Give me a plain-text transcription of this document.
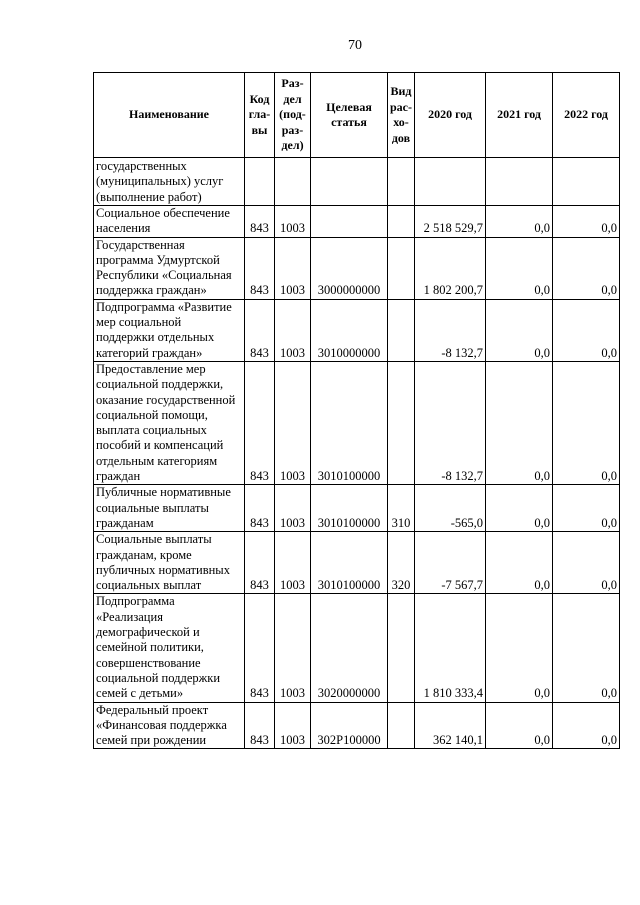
70
Наименование	Код гла- вы	Раз- дел (под- раз- дел)	Целевая статья	Вид рас- хо- дов	2020 год	2021 год	2022 год
государственных (муниципальных) услуг (выполнение работ)							
Социальное обеспечение населения	843	1003			2 518 529,7	0,0	0,0
Государственная программа Удмуртской Республики «Социальная поддержка граждан»	843	1003	3000000000		1 802 200,7	0,0	0,0
Подпрограмма «Развитие мер социальной поддержки отдельных категорий граждан»	843	1003	3010000000		-8 132,7	0,0	0,0
Предоставление мер социальной поддержки, оказание государственной социальной помощи, выплата социальных пособий и компенсаций отдельным категориям граждан	843	1003	3010100000		-8 132,7	0,0	0,0
Публичные нормативные социальные выплаты гражданам	843	1003	3010100000	310	-565,0	0,0	0,0
Социальные выплаты гражданам, кроме публичных нормативных социальных выплат	843	1003	3010100000	320	-7 567,7	0,0	0,0
Подпрограмма «Реализация демографической и семейной политики, совершенствование социальной поддержки семей с детьми»	843	1003	3020000000		1 810 333,4	0,0	0,0
Федеральный проект «Финансовая поддержка семей при рождении	843	1003	302P100000		362 140,1	0,0	0,0
